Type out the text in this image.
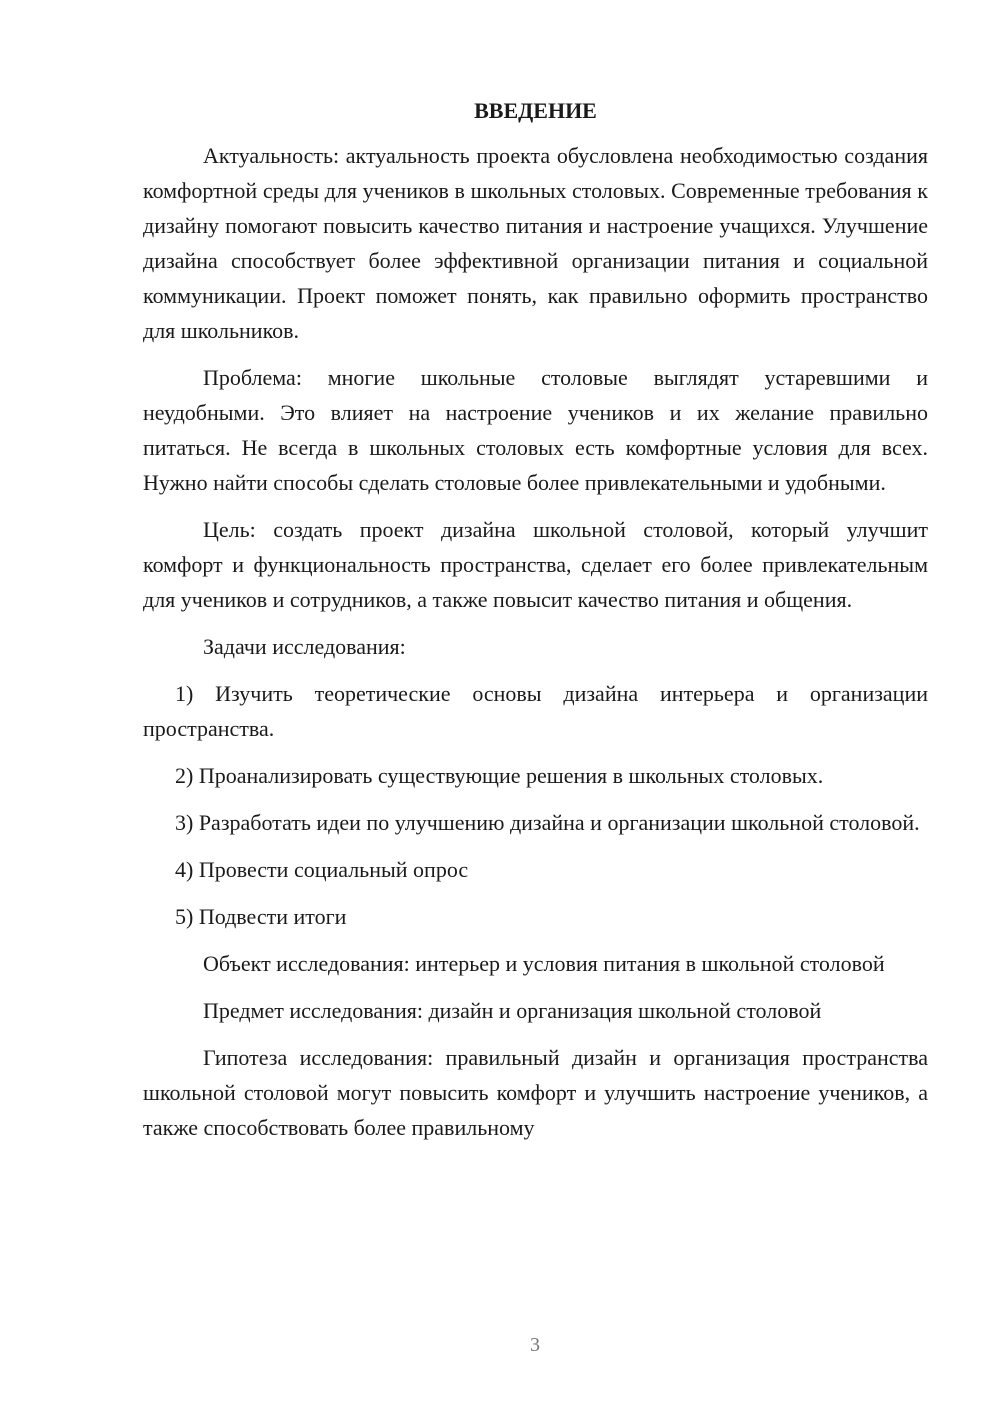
ВВЕДЕНИЕ

Актуальность: актуальность проекта обусловлена необходимостью создания комфортной среды для учеников в школьных столовых. Современные требования к дизайну помогают повысить качество питания и настроение учащихся. Улучшение дизайна способствует более эффективной организации питания и социальной коммуникации. Проект поможет понять, как правильно оформить пространство для школьников.

Проблема: многие школьные столовые выглядят устаревшими и неудобными. Это влияет на настроение учеников и их желание правильно питаться. Не всегда в школьных столовых есть комфортные условия для всех. Нужно найти способы сделать столовые более привлекательными и удобными.

Цель: создать проект дизайна школьной столовой, который улучшит комфорт и функциональность пространства, сделает его более привлекательным для учеников и сотрудников, а также повысит качество питания и общения.

Задачи исследования:

1) Изучить теоретические основы дизайна интерьера и организации пространства.

2) Проанализировать существующие решения в школьных столовых.

3) Разработать идеи по улучшению дизайна и организации школьной столовой.

4) Провести социальный опрос

5) Подвести итоги

Объект исследования: интерьер и условия питания в школьной столовой

Предмет исследования: дизайн и организация школьной столовой

Гипотеза исследования: правильный дизайн и организация пространства школьной столовой могут повысить комфорт и улучшить настроение учеников, а также способствовать более правильному

3
